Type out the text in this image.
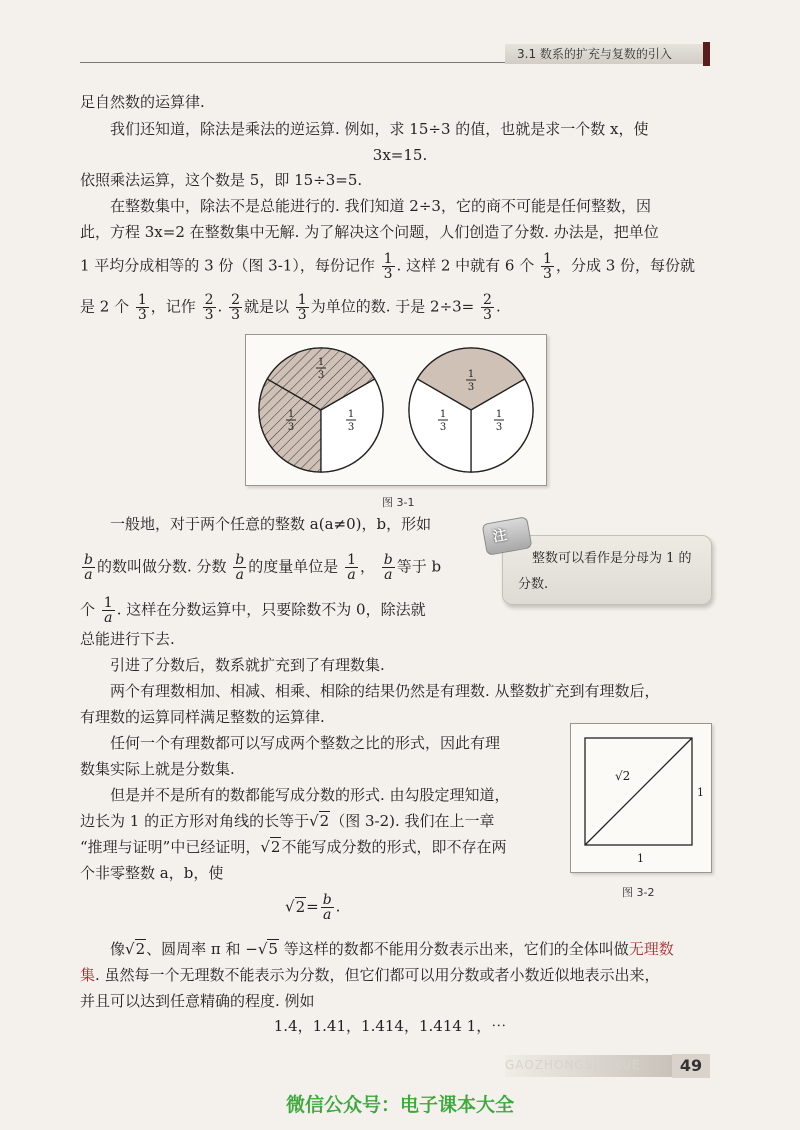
3.1 数系的扩充与复数的引入
足自然数的运算律.
我们还知道，除法是乘法的逆运算. 例如，求 15÷3 的值，也就是求一个数 x，使
3x=15.
依照乘法运算，这个数是 5，即 15÷3=5.
在整数集中，除法不是总能进行的. 我们知道 2÷3，它的商不可能是任何整数，因
此，方程 3x=2 在整数集中无解. 为了解决这个问题，人们创造了分数. 办法是，把单位
1 平均分成相等的 3 份（图 3-1），每份记作 $\frac{1}{3}$ . 这样 2 中就有 6 个 $\frac{1}{3}$ ，分成 3 份，每份就
是 2 个 $\frac{1}{3}$ ，记作 $\frac{2}{3}$ . $\frac{2}{3}$ 就是以 $\frac{1}{3}$ 为单位的数. 于是 $2\div 3= \frac{2}{3}$ .
1
3
1
3
1
3
1
3
1
3
1
3
图 3-1
一般地，对于两个任意的整数 a(a≠0)，b，形如
$\frac{b}{a}$ 的数叫做分数. 分数 $\frac{b}{a}$ 的度量单位是 $\frac{1}{a}$ ， $\frac{b}{a}$ 等于 b
个 $\frac{1}{a}$ . 这样在分数运算中，只要除数不为 0，除法就
总能进行下去.
注
整数可以看作是分母为 1 的分数.
引进了分数后，数系就扩充到了有理数集.
两个有理数相加、相减、相乘、相除的结果仍然是有理数. 从整数扩充到有理数后，
有理数的运算同样满足整数的运算律.
任何一个有理数都可以写成两个整数之比的形式，因此有理
数集实际上就是分数集.
但是并不是所有的数都能写成分数的形式. 由勾股定理知道，
边长为 1 的正方形对角线的长等于√2（图 3-2). 我们在上一章
“推理与证明”中已经证明，√2不能写成分数的形式，即不存在两
个非零整数 a，b，使
$√2= \frac{b}{a}$ .
√2
1
1
图 3-2
像√2、圆周率 π 和 −√5 等这样的数都不能用分数表示出来，它们的全体叫做无理数
集. 虽然每一个无理数不能表示为分数，但它们都可以用分数或者小数近似地表示出来，
并且可以达到任意精确的程度. 例如
1.4，1.41，1.414，1.414 1，⋯
GAOZHONGSHUXUE	49
微信公众号：电子课本大全
